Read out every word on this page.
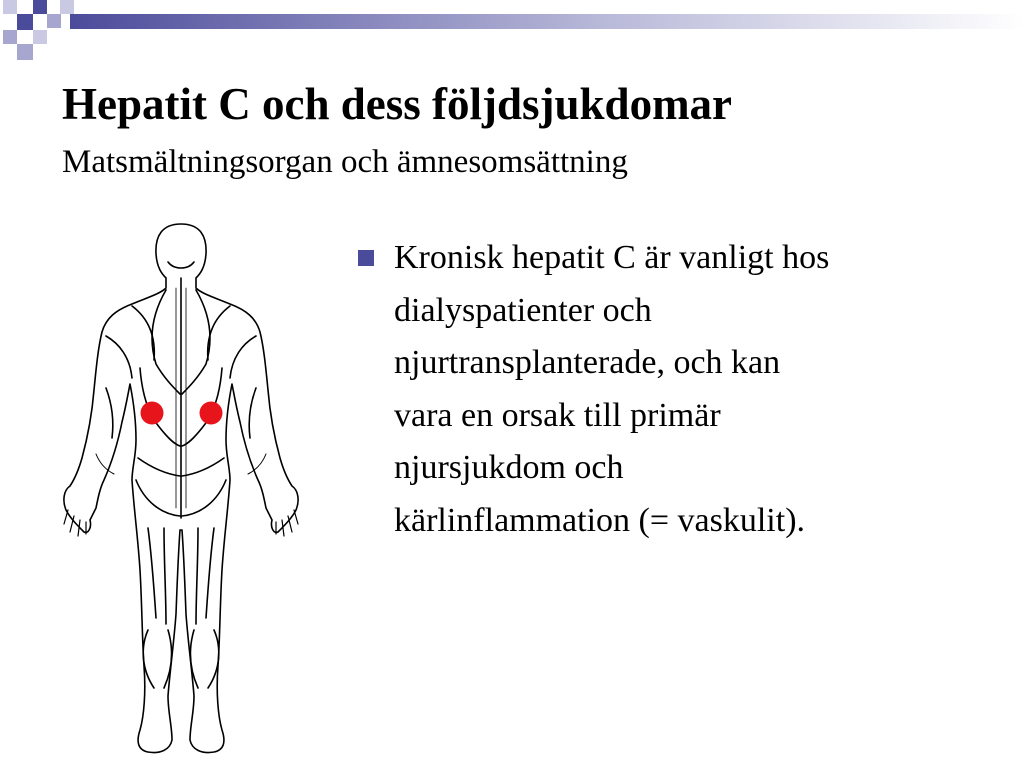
Hepatit C och dess följdsjukdomar
Matsmältningsorgan och ämnesomsättning
Kronisk hepatit C är vanligt hos
dialyspatienter och
njurtransplanterade, och kan
vara en orsak till primär
njursjukdom och
kärlinflammation (= vaskulit).
